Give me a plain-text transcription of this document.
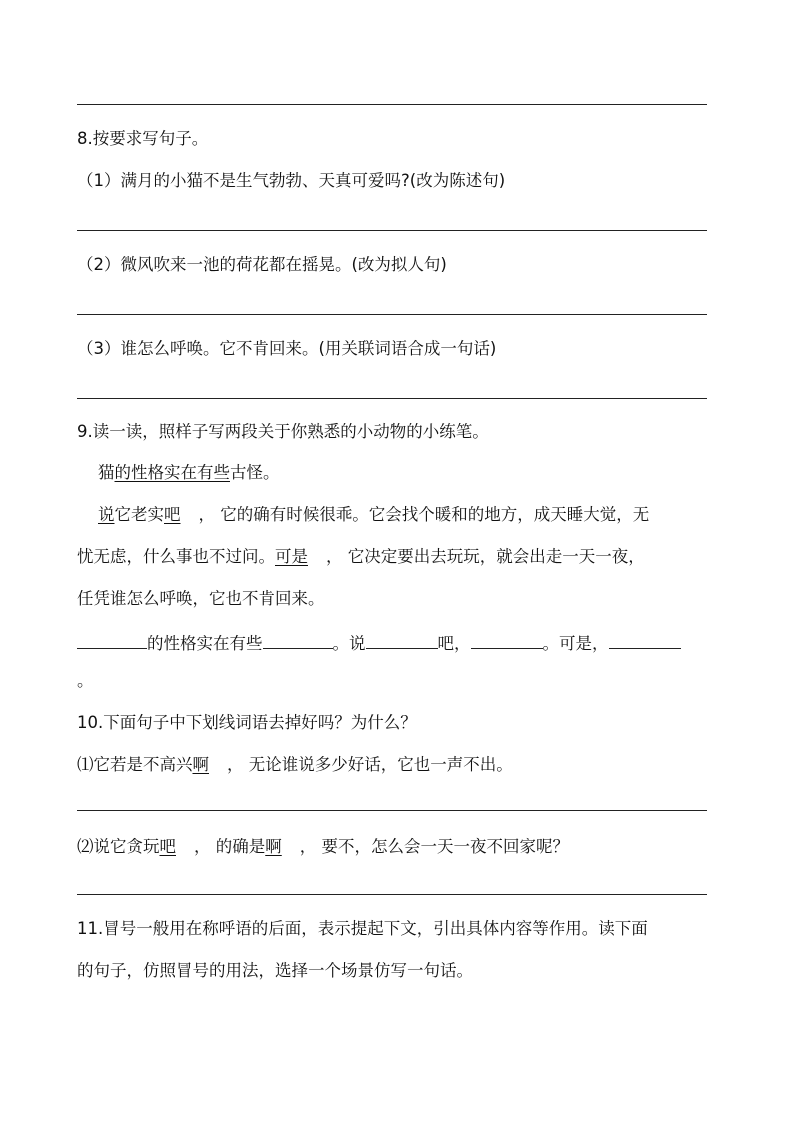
8.按要求写句子。
（1）满月的小猫不是生气勃勃、天真可爱吗?(改为陈述句)
（2）微风吹来一池的荷花都在摇晃。(改为拟人句)
（3）谁怎么呼唤。它不肯回来。(用关联词语合成一句话)
9.读一读，照样子写两段关于你熟悉的小动物的小练笔。
猫的性格实在有些古怪。
说它老实吧 ， 它的确有时候很乖。它会找个暖和的地方，成天睡大觉，无
忧无虑，什么事也不过问。可是 ， 它决定要出去玩玩，就会出走一天一夜，
任凭谁怎么呼唤，它也不肯回来。
的性格实在有些	。说	吧，	。可是，
。
10.下面句子中下划线词语去掉好吗？为什么？
⑴它若是不高兴啊 ， 无论谁说多少好话，它也一声不出。
⑵说它贪玩吧 ， 的确是啊 ， 要不，怎么会一天一夜不回家呢？
11.冒号一般用在称呼语的后面，表示提起下文，引出具体内容等作用。读下面
的句子，仿照冒号的用法，选择一个场景仿写一句话。
